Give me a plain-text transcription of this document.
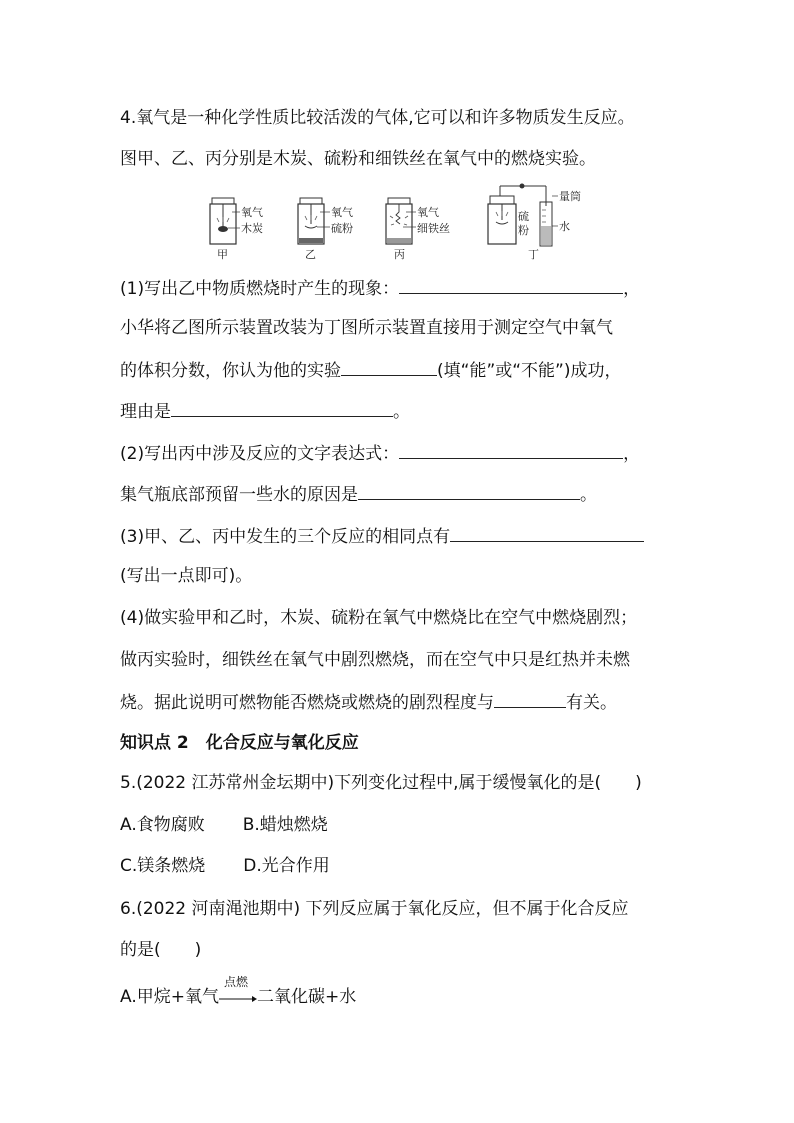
4.氧气是一种化学性质比较活泼的气体,它可以和许多物质发生反应。
图甲、乙、丙分别是木炭、硫粉和细铁丝在氧气中的燃烧实验。
氧气
木炭
甲
氧气
硫粉
乙
氧气
细铁丝
丙
量筒
水
硫
粉
丁
(1)写出乙中物质燃烧时产生的现象：	，
小华将乙图所示装置改装为丁图所示装置直接用于测定空气中氧气
的体积分数，你认为他的实验	(填“能”或“不能”)成功，
理由是	。
(2)写出丙中涉及反应的文字表达式：	，
集气瓶底部预留一些水的原因是	。
(3)甲、乙、丙中发生的三个反应的相同点有
(写出一点即可)。
(4)做实验甲和乙时，木炭、硫粉在氧气中燃烧比在空气中燃烧剧烈；
做丙实验时，细铁丝在氧气中剧烈燃烧，而在空气中只是红热并未燃
烧。据此说明可燃物能否燃烧或燃烧的剧烈程度与	有关。
知识点 2　化合反应与氧化反应
5.(2022 江苏常州金坛期中)下列变化过程中,属于缓慢氧化的是(　　)
A.食物腐败 B.蜡烛燃烧
C.镁条燃烧 D.光合作用
6.(2022 河南渑池期中) 下列反应属于氧化反应，但不属于化合反应
的是(　　)
A.甲烷+氧气
点燃
二氧化碳+水
